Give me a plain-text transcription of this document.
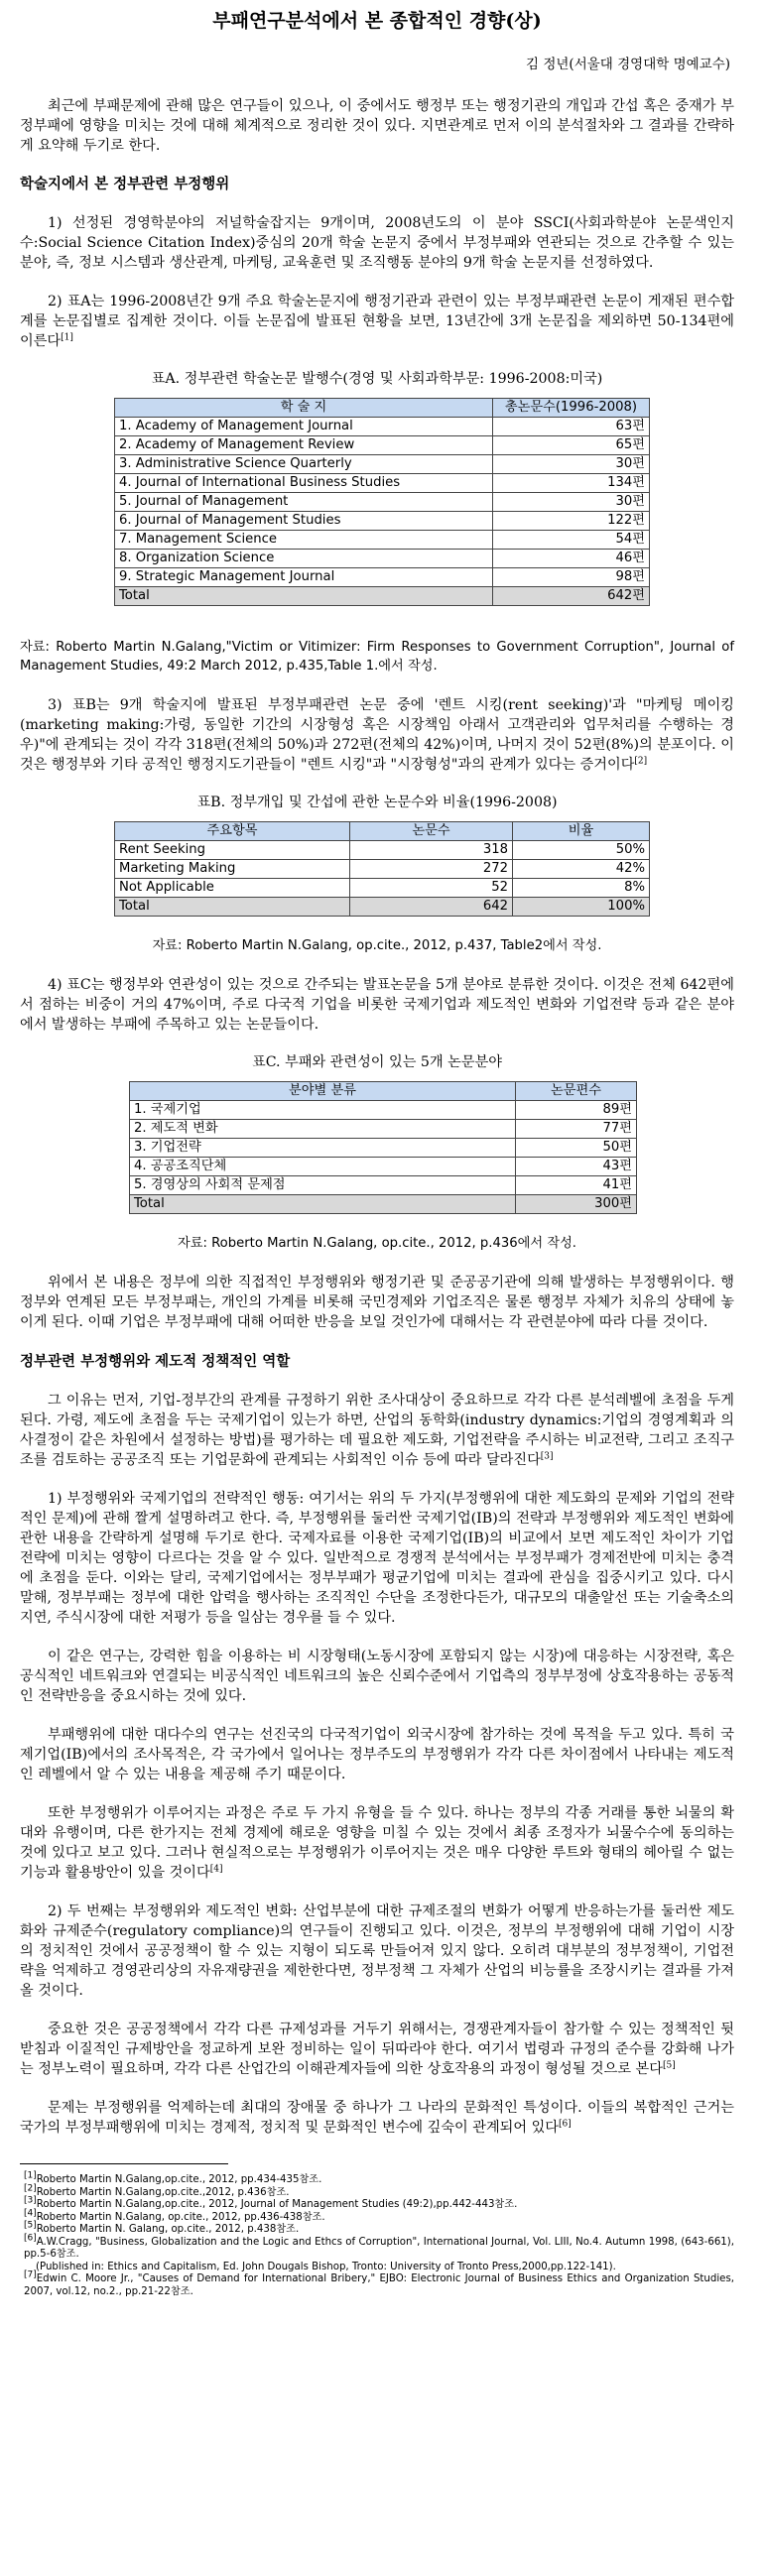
부패연구분석에서 본 종합적인 경향(상)
김 정년(서울대 경영대학 명예교수)

최근에 부패문제에 관해 많은 연구들이 있으나, 이 중에서도 행정부 또는 행정기관의 개입과 간섭 혹은 중재가 부정부패에 영향을 미치는 것에 대해 체계적으로 정리한 것이 있다. 지면관계로 먼저 이의 분석절차와 그 결과를 간략하게 요약해 두기로 한다.

학술지에서 본 정부관련 부정행위

1) 선정된 경영학분야의 저널학술잡지는 9개이며, 2008년도의 이 분야 SSCI(사회과학분야 논문색인지수:Social Science Citation Index)중심의 20개 학술 논문지 중에서 부정부패와 연관되는 것으로 간추할 수 있는 분야, 즉, 정보 시스템과 생산관계, 마케팅, 교육훈련 및 조직행동 분야의 9개 학술 논문지를 선정하였다.

2) 표A는 1996-2008년간 9개 주요 학술논문지에 행정기관과 관련이 있는 부정부패관련 논문이 게재된 편수합계를 논문집별로 집계한 것이다. 이들 논문집에 발표된 현황을 보면, 13년간에 3개 논문집을 제외하면 50-134편에 이른다[1]

표A. 정부관련 학술논문 발행수(경영 및 사회과학부문: 1996-2008:미국)
학 술 지	총논문수(1996-2008)
1. Academy of Management Journal	63편
2. Academy of Management Review	65편
3. Administrative Science Quarterly	30편
4. Journal of International Business Studies	134편
5. Journal of Management	30편
6. Journal of Management Studies	122편
7. Management Science	54편
8. Organization Science	46편
9. Strategic Management Journal	98편
Total	642편

자료: Roberto Martin N.Galang,"Victim or Vitimizer: Firm Responses to Government Corruption", Journal of Management Studies, 49:2 March 2012, p.435,Table 1.에서 작성.

3) 표B는 9개 학술지에 발표된 부정부패관련 논문 중에 '렌트 시킹(rent seeking)'과 "마케팅 메이킹(marketing making:가령, 동일한 기간의 시장형성 혹은 시장책임 아래서 고객관리와 업무처리를 수행하는 경우)"에 관계되는 것이 각각 318편(전체의 50%)과 272편(전체의 42%)이며, 나머지 것이 52편(8%)의 분포이다. 이것은 행정부와 기타 공적인 행정지도기관들이 "렌트 시킹"과 "시장형성"과의 관계가 있다는 증거이다[2]

표B. 정부개입 및 간섭에 관한 논문수와 비율(1996-2008)
주요항목	논문수	비율
Rent Seeking	318	50%
Marketing Making	272	42%
Not Applicable	52	8%
Total	642	100%
자료: Roberto Martin N.Galang, op.cite., 2012, p.437, Table2에서 작성.

4) 표C는 행정부와 연관성이 있는 것으로 간주되는 발표논문을 5개 분야로 분류한 것이다. 이것은 전체 642편에서 점하는 비중이 거의 47%이며, 주로 다국적 기업을 비롯한 국제기업과 제도적인 변화와 기업전략 등과 같은 분야에서 발생하는 부패에 주목하고 있는 논문들이다.

표C. 부패와 관련성이 있는 5개 논문분야
분야별 분류	논문편수
1. 국제기업	89편
2. 제도적 변화	77편
3. 기업전략	50편
4. 공공조직단체	43편
5. 경영상의 사회적 문제점	41편
Total	300편
자료: Roberto Martin N.Galang, op.cite., 2012, p.436에서 작성.

위에서 본 내용은 정부에 의한 직접적인 부정행위와 행정기관 및 준공공기관에 의해 발생하는 부정행위이다. 행정부와 연계된 모든 부정부패는, 개인의 가계를 비롯해 국민경제와 기업조직은 물론 행정부 자체가 치유의 상태에 놓이게 된다. 이때 기업은 부정부패에 대해 어떠한 반응을 보일 것인가에 대해서는 각 관련분야에 따라 다를 것이다.

정부관련 부정행위와 제도적 정책적인 역할

그 이유는 먼저, 기업-정부간의 관계를 규정하기 위한 조사대상이 중요하므로 각각 다른 분석레벨에 초점을 두게 된다. 가령, 제도에 초점을 두는 국제기업이 있는가 하면, 산업의 동학화(industry dynamics:기업의 경영계획과 의사결정이 같은 차원에서 설정하는 방법)를 평가하는 데 필요한 제도화, 기업전략을 주시하는 비교전략, 그리고 조직구조를 검토하는 공공조직 또는 기업문화에 관계되는 사회적인 이슈 등에 따라 달라진다[3]

1) 부정행위와 국제기업의 전략적인 행동: 여기서는 위의 두 가지(부정행위에 대한 제도화의 문제와 기업의 전략적인 문제)에 관해 짤게 설명하려고 한다. 즉, 부정행위를 둘러싼 국제기업(IB)의 전략과 부정행위와 제도적인 변화에 관한 내용을 간략하게 설명해 두기로 한다. 국제자료를 이용한 국제기업(IB)의 비교에서 보면 제도적인 차이가 기업전략에 미치는 영향이 다르다는 것을 알 수 있다. 일반적으로 경쟁적 분석에서는 부정부패가 경제전반에 미치는 충격에 초점을 둔다. 이와는 달리, 국제기업에서는 정부부패가 평균기업에 미치는 결과에 관심을 집중시키고 있다. 다시 말해, 정부부패는 정부에 대한 압력을 행사하는 조직적인 수단을 조정한다든가, 대규모의 대출알선 또는 기술축소의 지연, 주식시장에 대한 저평가 등을 일삼는 경우를 들 수 있다.

이 같은 연구는, 강력한 힘을 이용하는 비 시장형태(노동시장에 포함되지 않는 시장)에 대응하는 시장전략, 혹은 공식적인 네트워크와 연결되는 비공식적인 네트워크의 높은 신뢰수준에서 기업측의 정부부정에 상호작용하는 공동적인 전략반응을 중요시하는 것에 있다.

부패행위에 대한 대다수의 연구는 선진국의 다국적기업이 외국시장에 참가하는 것에 목적을 두고 있다. 특히 국제기업(IB)에서의 조사목적은, 각 국가에서 일어나는 정부주도의 부정행위가 각각 다른 차이점에서 나타내는 제도적인 레벨에서 알 수 있는 내용을 제공해 주기 때문이다.

또한 부정행위가 이루어지는 과정은 주로 두 가지 유형을 들 수 있다. 하나는 정부의 각종 거래를 통한 뇌물의 확대와 유행이며, 다른 한가지는 전체 경제에 해로운 영향을 미칠 수 있는 것에서 최종 조정자가 뇌물수수에 동의하는 것에 있다고 보고 있다. 그러나 현실적으로는 부정행위가 이루어지는 것은 매우 다양한 루트와 형태의 헤아릴 수 없는 기능과 활용방안이 있을 것이다[4]

2) 두 번째는 부정행위와 제도적인 변화: 산업부분에 대한 규제조절의 변화가 어떻게 반응하는가를 둘러싼 제도화와 규제준수(regulatory compliance)의 연구들이 진행되고 있다. 이것은, 정부의 부정행위에 대해 기업이 시장의 정치적인 것에서 공공정책이 할 수 있는 지형이 되도록 만들어져 있지 않다. 오히려 대부분의 정부정책이, 기업전략을 억제하고 경영관리상의 자유재량권을 제한한다면, 정부정책 그 자체가 산업의 비능률을 조장시키는 결과를 가져올 것이다.

중요한 것은 공공정책에서 각각 다른 규제성과를 거두기 위해서는, 경쟁관계자들이 참가할 수 있는 정책적인 뒷받침과 이질적인 규제방안을 정교하게 보완 정비하는 일이 뒤따라야 한다. 여기서 법령과 규정의 준수를 강화해 나가는 정부노력이 필요하며, 각각 다른 산업간의 이해관계자들에 의한 상호작용의 과정이 형성될 것으로 본다[5]

문제는 부정행위를 억제하는데 최대의 장애물 중 하나가 그 나라의 문화적인 특성이다. 이들의 복합적인 근거는 국가의 부정부패행위에 미치는 경제적, 정치적 및 문화적인 변수에 깊숙이 관계되어 있다[6]

[1]Roberto Martin N.Galang,op.cite., 2012, pp.434-435참조.

[2]Roberto Martin N.Galang,op.cite.,2012, p.436참조.

[3]Roberto Martin N.Galang,op.cite., 2012, Journal of Management Studies (49:2),pp.442-443참조.

[4]Roberto Martin N.Galang, op.cite., 2012, pp.436-438참조.

[5]Roberto Martin N. Galang, op.cite., 2012, p.438참조.

[6]A.W.Cragg, "Business, Globalization and the Logic and Ethcs of Corruption", International Journal, Vol. LIII, No.4. Autumn 1998, (643-661), pp.5-6참조.

(Published in: Ethics and Capitalism, Ed. John Dougals Bishop, Tronto: University of Tronto Press,2000,pp.122-141).

[7]Edwin C. Moore Jr., "Causes of Demand for International Bribery," EJBO: Electronic Journal of Business Ethics and Organization Studies, 2007, vol.12, no.2., pp.21-22참조.
